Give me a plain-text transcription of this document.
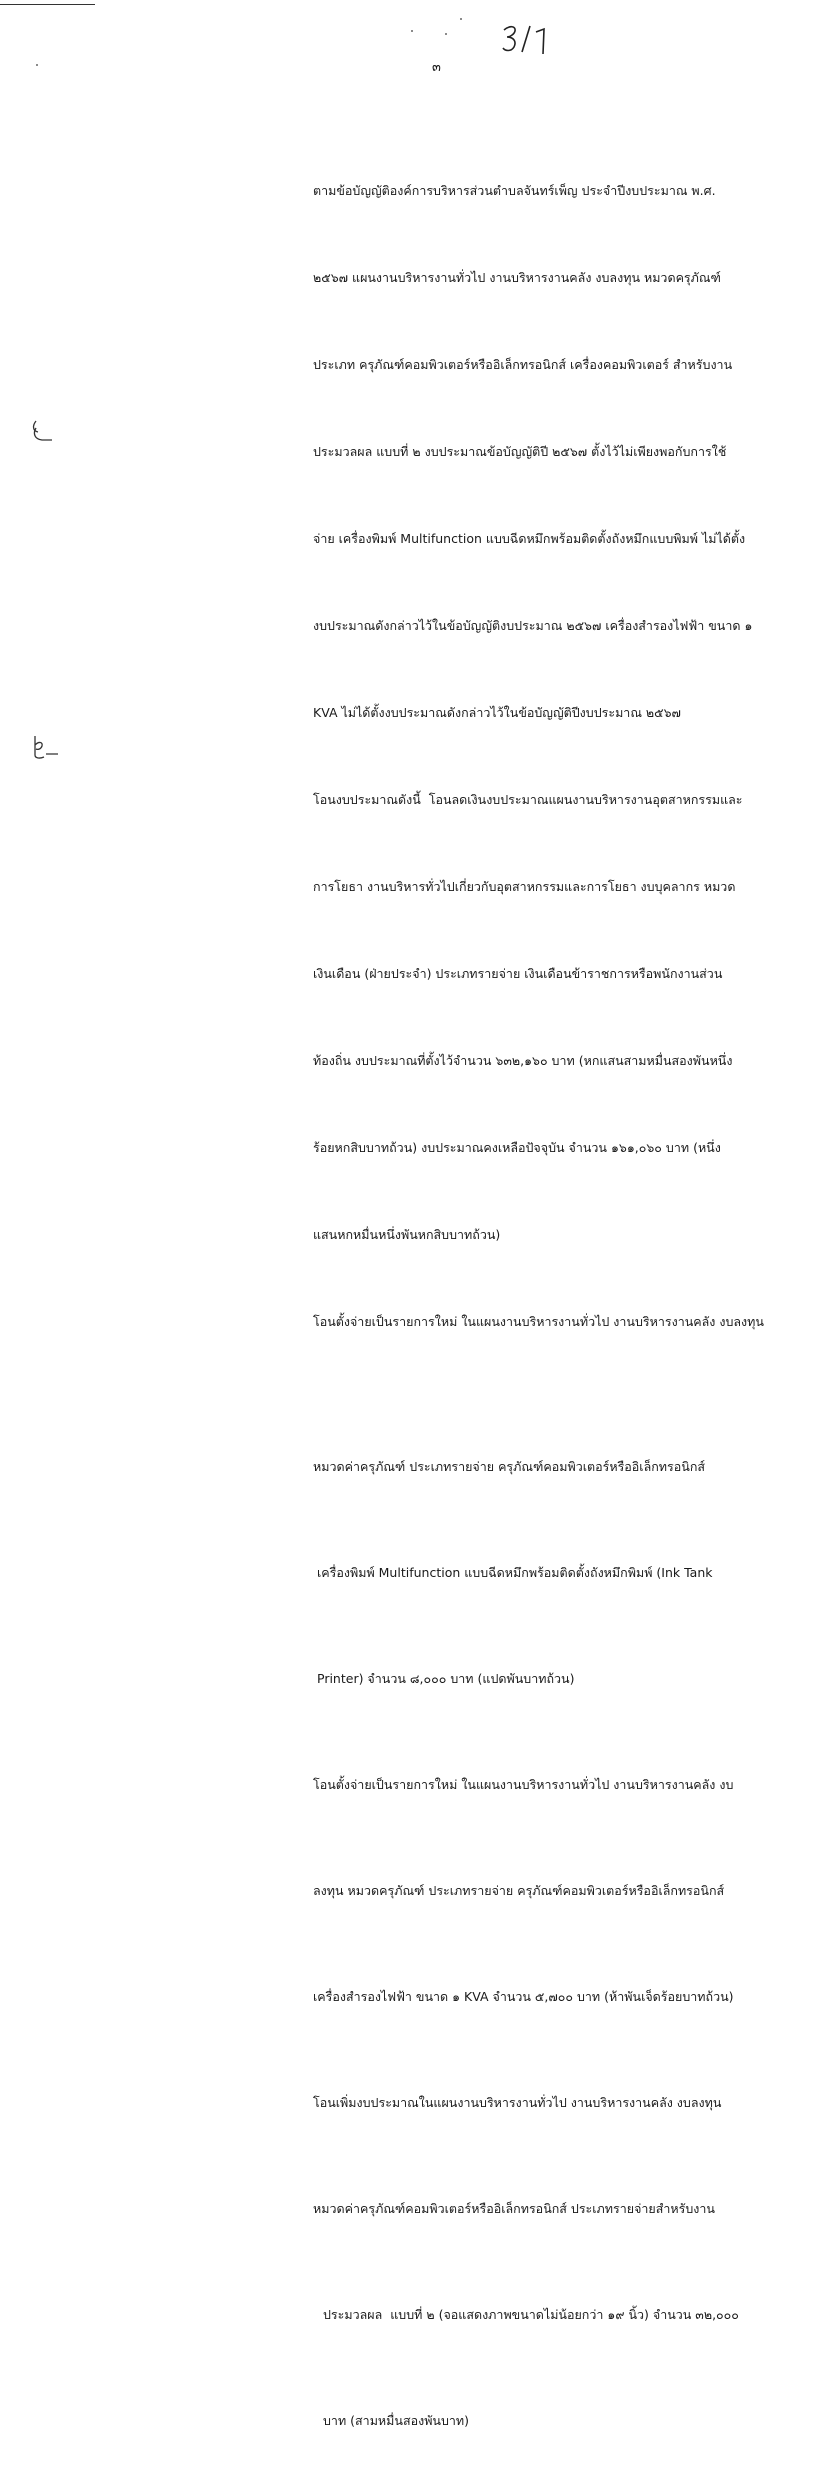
๓

ตามข้อบัญญัติองค์การบริหารส่วนตำบลจันทร์เพ็ญ ประจำปีงบประมาณ พ.ศ.

๒๕๖๗ แผนงานบริหารงานทั่วไป งานบริหารงานคลัง งบลงทุน หมวดครุภัณฑ์

ประเภท ครุภัณฑ์คอมพิวเตอร์หรืออิเล็กทรอนิกส์ เครื่องคอมพิวเตอร์ สำหรับงาน

ประมวลผล แบบที่ ๒ งบประมาณข้อบัญญัติปี ๒๕๖๗ ตั้งไว้ไม่เพียงพอกับการใช้

จ่าย เครื่องพิมพ์ Multifunction แบบฉีดหมึกพร้อมติดตั้งถังหมึกแบบพิมพ์ ไม่ได้ตั้ง

งบประมาณดังกล่าวไว้ในข้อบัญญัติงบประมาณ ๒๕๖๗ เครื่องสำรองไฟฟ้า ขนาด ๑

KVA ไม่ได้ตั้งงบประมาณดังกล่าวไว้ในข้อบัญญัติปีงบประมาณ ๒๕๖๗

โอนงบประมาณดังนี้  โอนลดเงินงบประมาณแผนงานบริหารงานอุตสาหกรรมและ

การโยธา งานบริหารทั่วไปเกี่ยวกับอุตสาหกรรมและการโยธา งบบุคลากร หมวด

เงินเดือน (ฝ่ายประจำ) ประเภทรายจ่าย เงินเดือนข้าราชการหรือพนักงานส่วน

ท้องถิ่น งบประมาณที่ตั้งไว้จำนวน ๖๓๒,๑๖๐ บาท (หกแสนสามหมื่นสองพันหนึ่ง

ร้อยหกสิบบาทถ้วน) งบประมาณคงเหลือปัจจุบัน จำนวน ๑๖๑,๐๖๐ บาท (หนึ่ง

แสนหกหมื่นหนึ่งพันหกสิบบาทถ้วน)

โอนตั้งจ่ายเป็นรายการใหม่ ในแผนงานบริหารงานทั่วไป งานบริหารงานคลัง งบลงทุน

หมวดค่าครุภัณฑ์ ประเภทรายจ่าย ครุภัณฑ์คอมพิวเตอร์หรืออิเล็กทรอนิกส์

เครื่องพิมพ์ Multifunction แบบฉีดหมึกพร้อมติดตั้งถังหมึกพิมพ์ (Ink Tank

Printer) จำนวน ๘,๐๐๐ บาท (แปดพันบาทถ้วน)

โอนตั้งจ่ายเป็นรายการใหม่ ในแผนงานบริหารงานทั่วไป งานบริหารงานคลัง งบ

ลงทุน หมวดครุภัณฑ์ ประเภทรายจ่าย ครุภัณฑ์คอมพิวเตอร์หรืออิเล็กทรอนิกส์

เครื่องสำรองไฟฟ้า ขนาด ๑ KVA จำนวน ๕,๗๐๐ บาท (ห้าพันเจ็ดร้อยบาทถ้วน)

โอนเพิ่มงบประมาณในแผนงานบริหารงานทั่วไป งานบริหารงานคลัง งบลงทุน

หมวดค่าครุภัณฑ์คอมพิวเตอร์หรืออิเล็กทรอนิกส์ ประเภทรายจ่ายสำหรับงาน

ประมวลผล  แบบที่ ๒ (จอแสดงภาพขนาดไม่น้อยกว่า ๑๙ นิ้ว) จำนวน ๓๒,๐๐๐

บาท (สามหมื่นสองพันบาท)
